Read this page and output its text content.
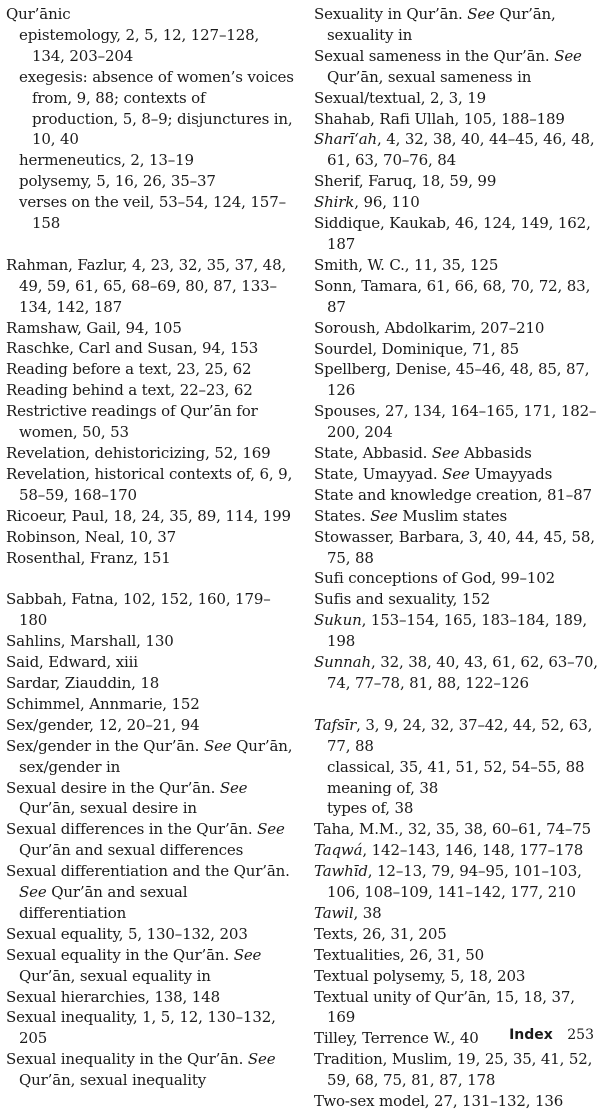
Qur’ānic
epistemology, 2, 5, 12, 127–128, 134, 203–204
exegesis: absence of women’s voices from, 9, 88; contexts of production, 5, 8–9; disjunctures in, 10, 40
hermeneutics, 2, 13–19
polysemy, 5, 16, 26, 35–37
verses on the veil, 53–54, 124, 157–158
Rahman, Fazlur, 4, 23, 32, 35, 37, 48, 49, 59, 61, 65, 68–69, 80, 87, 133–134, 142, 187
Ramshaw, Gail, 94, 105
Raschke, Carl and Susan, 94, 153
Reading before a text, 23, 25, 62
Reading behind a text, 22–23, 62
Restrictive readings of Qur’ān for women, 50, 53
Revelation, dehistoricizing, 52, 169
Revelation, historical contexts of, 6, 9, 58–59, 168–170
Ricoeur, Paul, 18, 24, 35, 89, 114, 199
Robinson, Neal, 10, 37
Rosenthal, Franz, 151
Sabbah, Fatna, 102, 152, 160, 179–180
Sahlins, Marshall, 130
Said, Edward, xiii
Sardar, Ziauddin, 18
Schimmel, Annmarie, 152
Sex/gender, 12, 20–21, 94
Sex/gender in the Qur’ān. See Qur’ān, sex/gender in
Sexual desire in the Qur’ān. See Qur’ān, sexual desire in
Sexual differences in the Qur’ān. See Qur’ān and sexual differences
Sexual differentiation and the Qur’ān. See Qur’ān and sexual differentiation
Sexual equality, 5, 130–132, 203
Sexual equality in the Qur’ān. See Qur’ān, sexual equality in
Sexual hierarchies, 138, 148
Sexual inequality, 1, 5, 12, 130–132, 205
Sexual inequality in the Qur’ān. See Qur’ān, sexual inequality
Sexuality in Qur’ān. See Qur’ān, sexuality in
Sexual sameness in the Qur’ān. See Qur’ān, sexual sameness in
Sexual/textual, 2, 3, 19
Shahab, Rafi Ullah, 105, 188–189
Sharī‘ah, 4, 32, 38, 40, 44–45, 46, 48, 61, 63, 70–76, 84
Sherif, Faruq, 18, 59, 99
Shirk, 96, 110
Siddique, Kaukab, 46, 124, 149, 162, 187
Smith, W. C., 11, 35, 125
Sonn, Tamara, 61, 66, 68, 70, 72, 83, 87
Soroush, Abdolkarim, 207–210
Sourdel, Dominique, 71, 85
Spellberg, Denise, 45–46, 48, 85, 87, 126
Spouses, 27, 134, 164–165, 171, 182–200, 204
State, Abbasid. See Abbasids
State, Umayyad. See Umayyads
State and knowledge creation, 81–87
States. See Muslim states
Stowasser, Barbara, 3, 40, 44, 45, 58, 75, 88
Sufi conceptions of God, 99–102
Sufis and sexuality, 152
Sukun, 153–154, 165, 183–184, 189, 198
Sunnah, 32, 38, 40, 43, 61, 62, 63–70, 74, 77–78, 81, 88, 122–126
Tafsīr, 3, 9, 24, 32, 37–42, 44, 52, 63, 77, 88
classical, 35, 41, 51, 52, 54–55, 88
meaning of, 38
types of, 38
Taha, M.M., 32, 35, 38, 60–61, 74–75
Taqwá, 142–143, 146, 148, 177–178
Tawhīd, 12–13, 79, 94–95, 101–103, 106, 108–109, 141–142, 177, 210
Tawil, 38
Texts, 26, 31, 205
Textualities, 26, 31, 50
Textual polysemy, 5, 18, 203
Textual unity of Qur’ān, 15, 18, 37, 169
Tilley, Terrence W., 40
Tradition, Muslim, 19, 25, 35, 41, 52, 59, 68, 75, 81, 87, 178
Two-sex model, 27, 131–132, 136
Index 253
